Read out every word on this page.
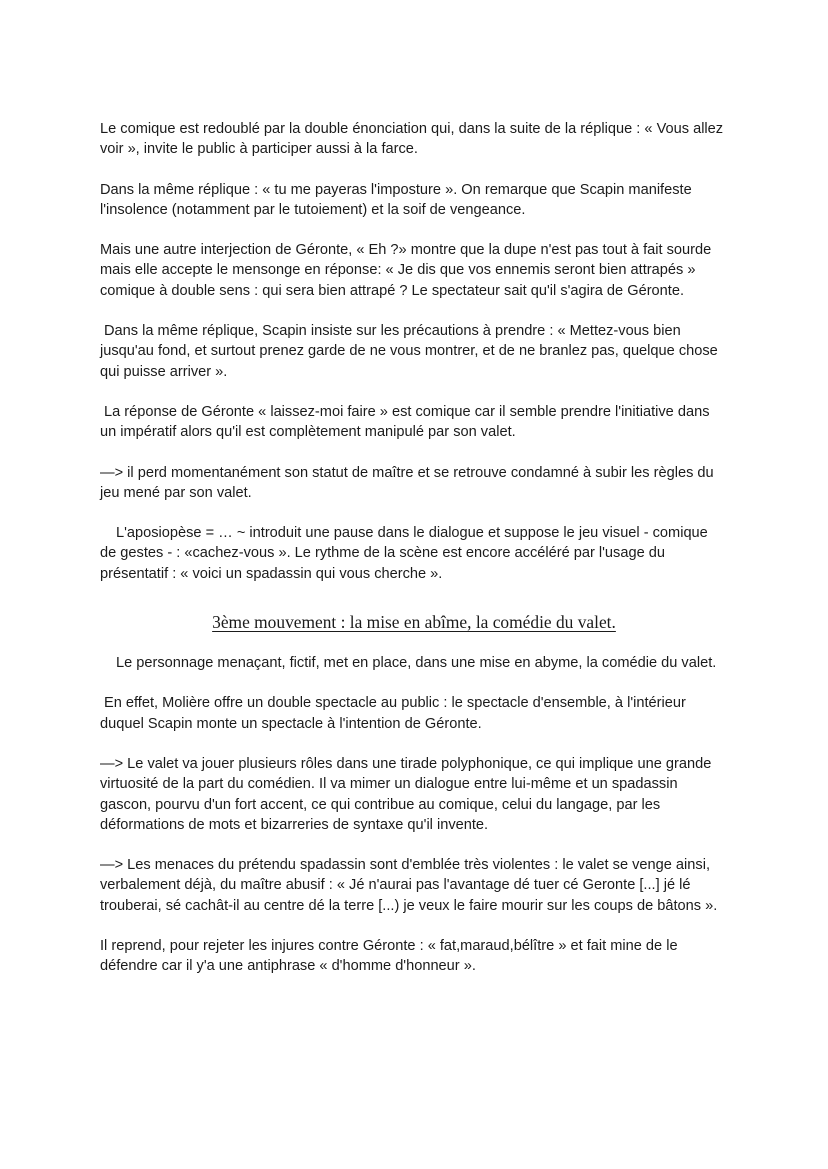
Le comique est redoublé par la double énonciation qui, dans la suite de la réplique : « Vous allez voir », invite le public à participer aussi à la farce.

Dans la même réplique : « tu me payeras l'imposture ». On remarque que Scapin manifeste l'insolence (notamment par le tutoiement) et la soif de vengeance.

Mais une autre interjection de Géronte, « Eh ?» montre que la dupe n'est pas tout à fait sourde mais elle accepte le mensonge en réponse: « Je dis que vos ennemis seront bien attrapés » comique à double sens : qui sera bien attrapé ? Le spectateur sait qu'il s'agira de Géronte.

Dans la même réplique, Scapin insiste sur les précautions à prendre : « Mettez-vous bien jusqu'au fond, et surtout prenez garde de ne vous montrer, et de ne branlez pas, quelque chose qui puisse arriver ».

La réponse de Géronte « laissez-moi faire » est comique car il semble prendre l'initiative dans un impératif alors qu'il est complètement manipulé par son valet.

—> il perd momentanément son statut de maître et se retrouve condamné à subir les règles du jeu mené par son valet.

L'aposiopèse = … ~ introduit une pause dans le dialogue et suppose le jeu visuel - comique de gestes - : «cachez-vous ». Le rythme de la scène est encore accéléré par l'usage du présentatif : « voici un spadassin qui vous cherche ».

3ème mouvement : la mise en abîme, la comédie du valet.

Le personnage menaçant, fictif, met en place, dans une mise en abyme, la comédie du valet.

En effet, Molière offre un double spectacle au public : le spectacle d'ensemble, à l'intérieur duquel Scapin monte un spectacle à l'intention de Géronte.

—> Le valet va jouer plusieurs rôles dans une tirade polyphonique, ce qui implique une grande virtuosité de la part du comédien. Il va mimer un dialogue entre lui-même et un spadassin gascon, pourvu d'un fort accent, ce qui contribue au comique, celui du langage, par les déformations de mots et bizarreries de syntaxe qu'il invente.

—> Les menaces du prétendu spadassin sont d'emblée très violentes : le valet se venge ainsi, verbalement déjà, du maître abusif : « Jé n'aurai pas l'avantage dé tuer cé Geronte [...] jé lé trouberai, sé cachât-il au centre dé la terre [...) je veux le faire mourir sur les coups de bâtons ».

Il reprend, pour rejeter les injures contre Géronte : « fat,maraud,bélître » et fait mine de le défendre car il y'a une antiphrase « d'homme d'honneur ».
